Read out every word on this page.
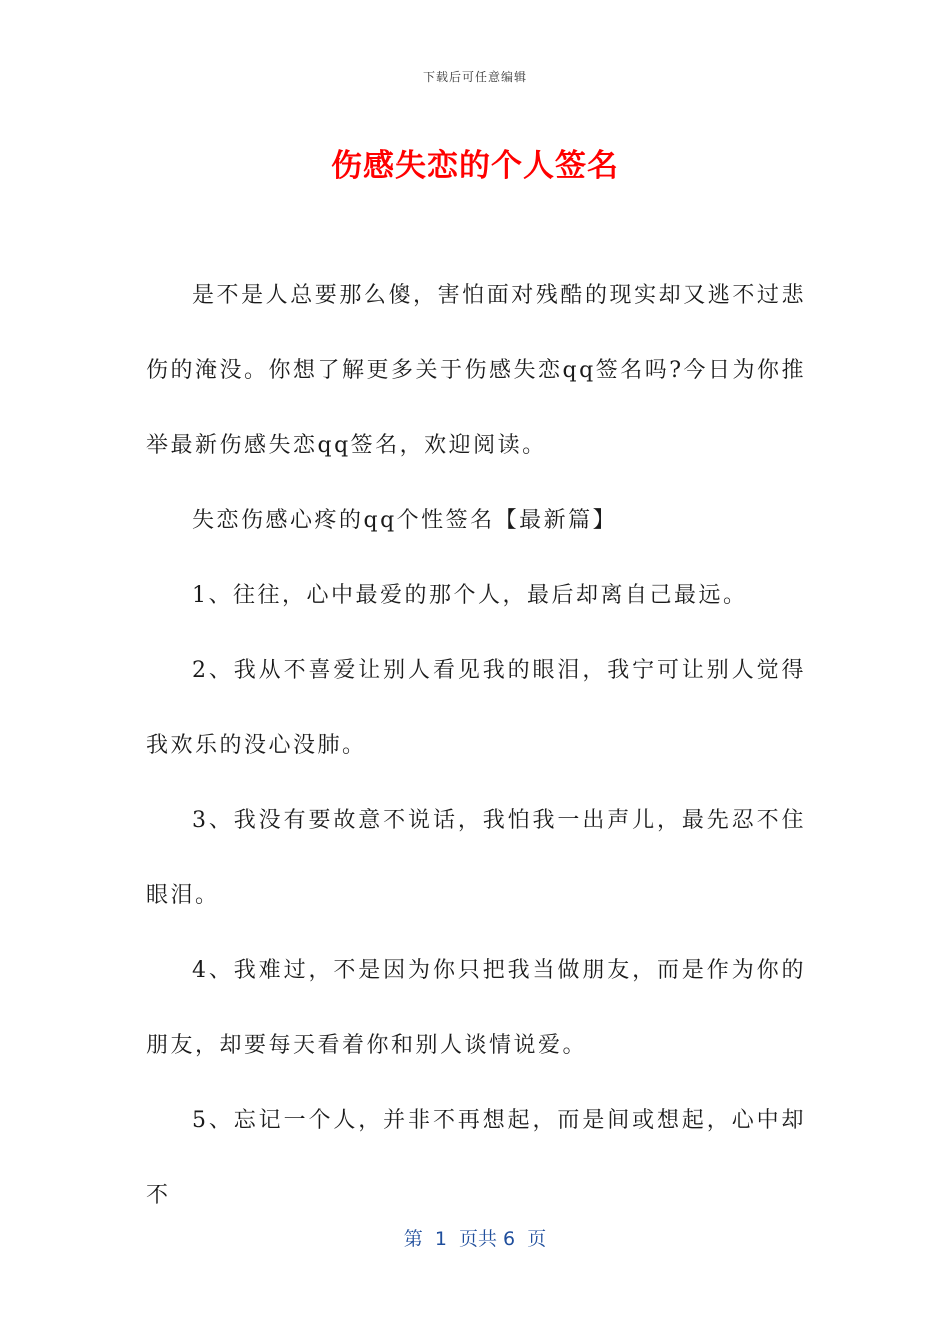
下载后可任意编辑
伤感失恋的个人签名

是不是人总要那么傻，害怕面对残酷的现实却又逃不过悲伤的淹没。你想了解更多关于伤感失恋qq签名吗?今日为你推举最新伤感失恋qq签名，欢迎阅读。

失恋伤感心疼的qq个性签名【最新篇】

1、往往，心中最爱的那个人，最后却离自己最远。

2、我从不喜爱让别人看见我的眼泪，我宁可让别人觉得我欢乐的没心没肺。

3、我没有要故意不说话，我怕我一出声儿，最先忍不住眼泪。

4、我难过，不是因为你只把我当做朋友，而是作为你的朋友，却要每天看着你和别人谈情说爱。

5、忘记一个人，并非不再想起，而是间或想起，心中却不

第  1  页共 6  页
